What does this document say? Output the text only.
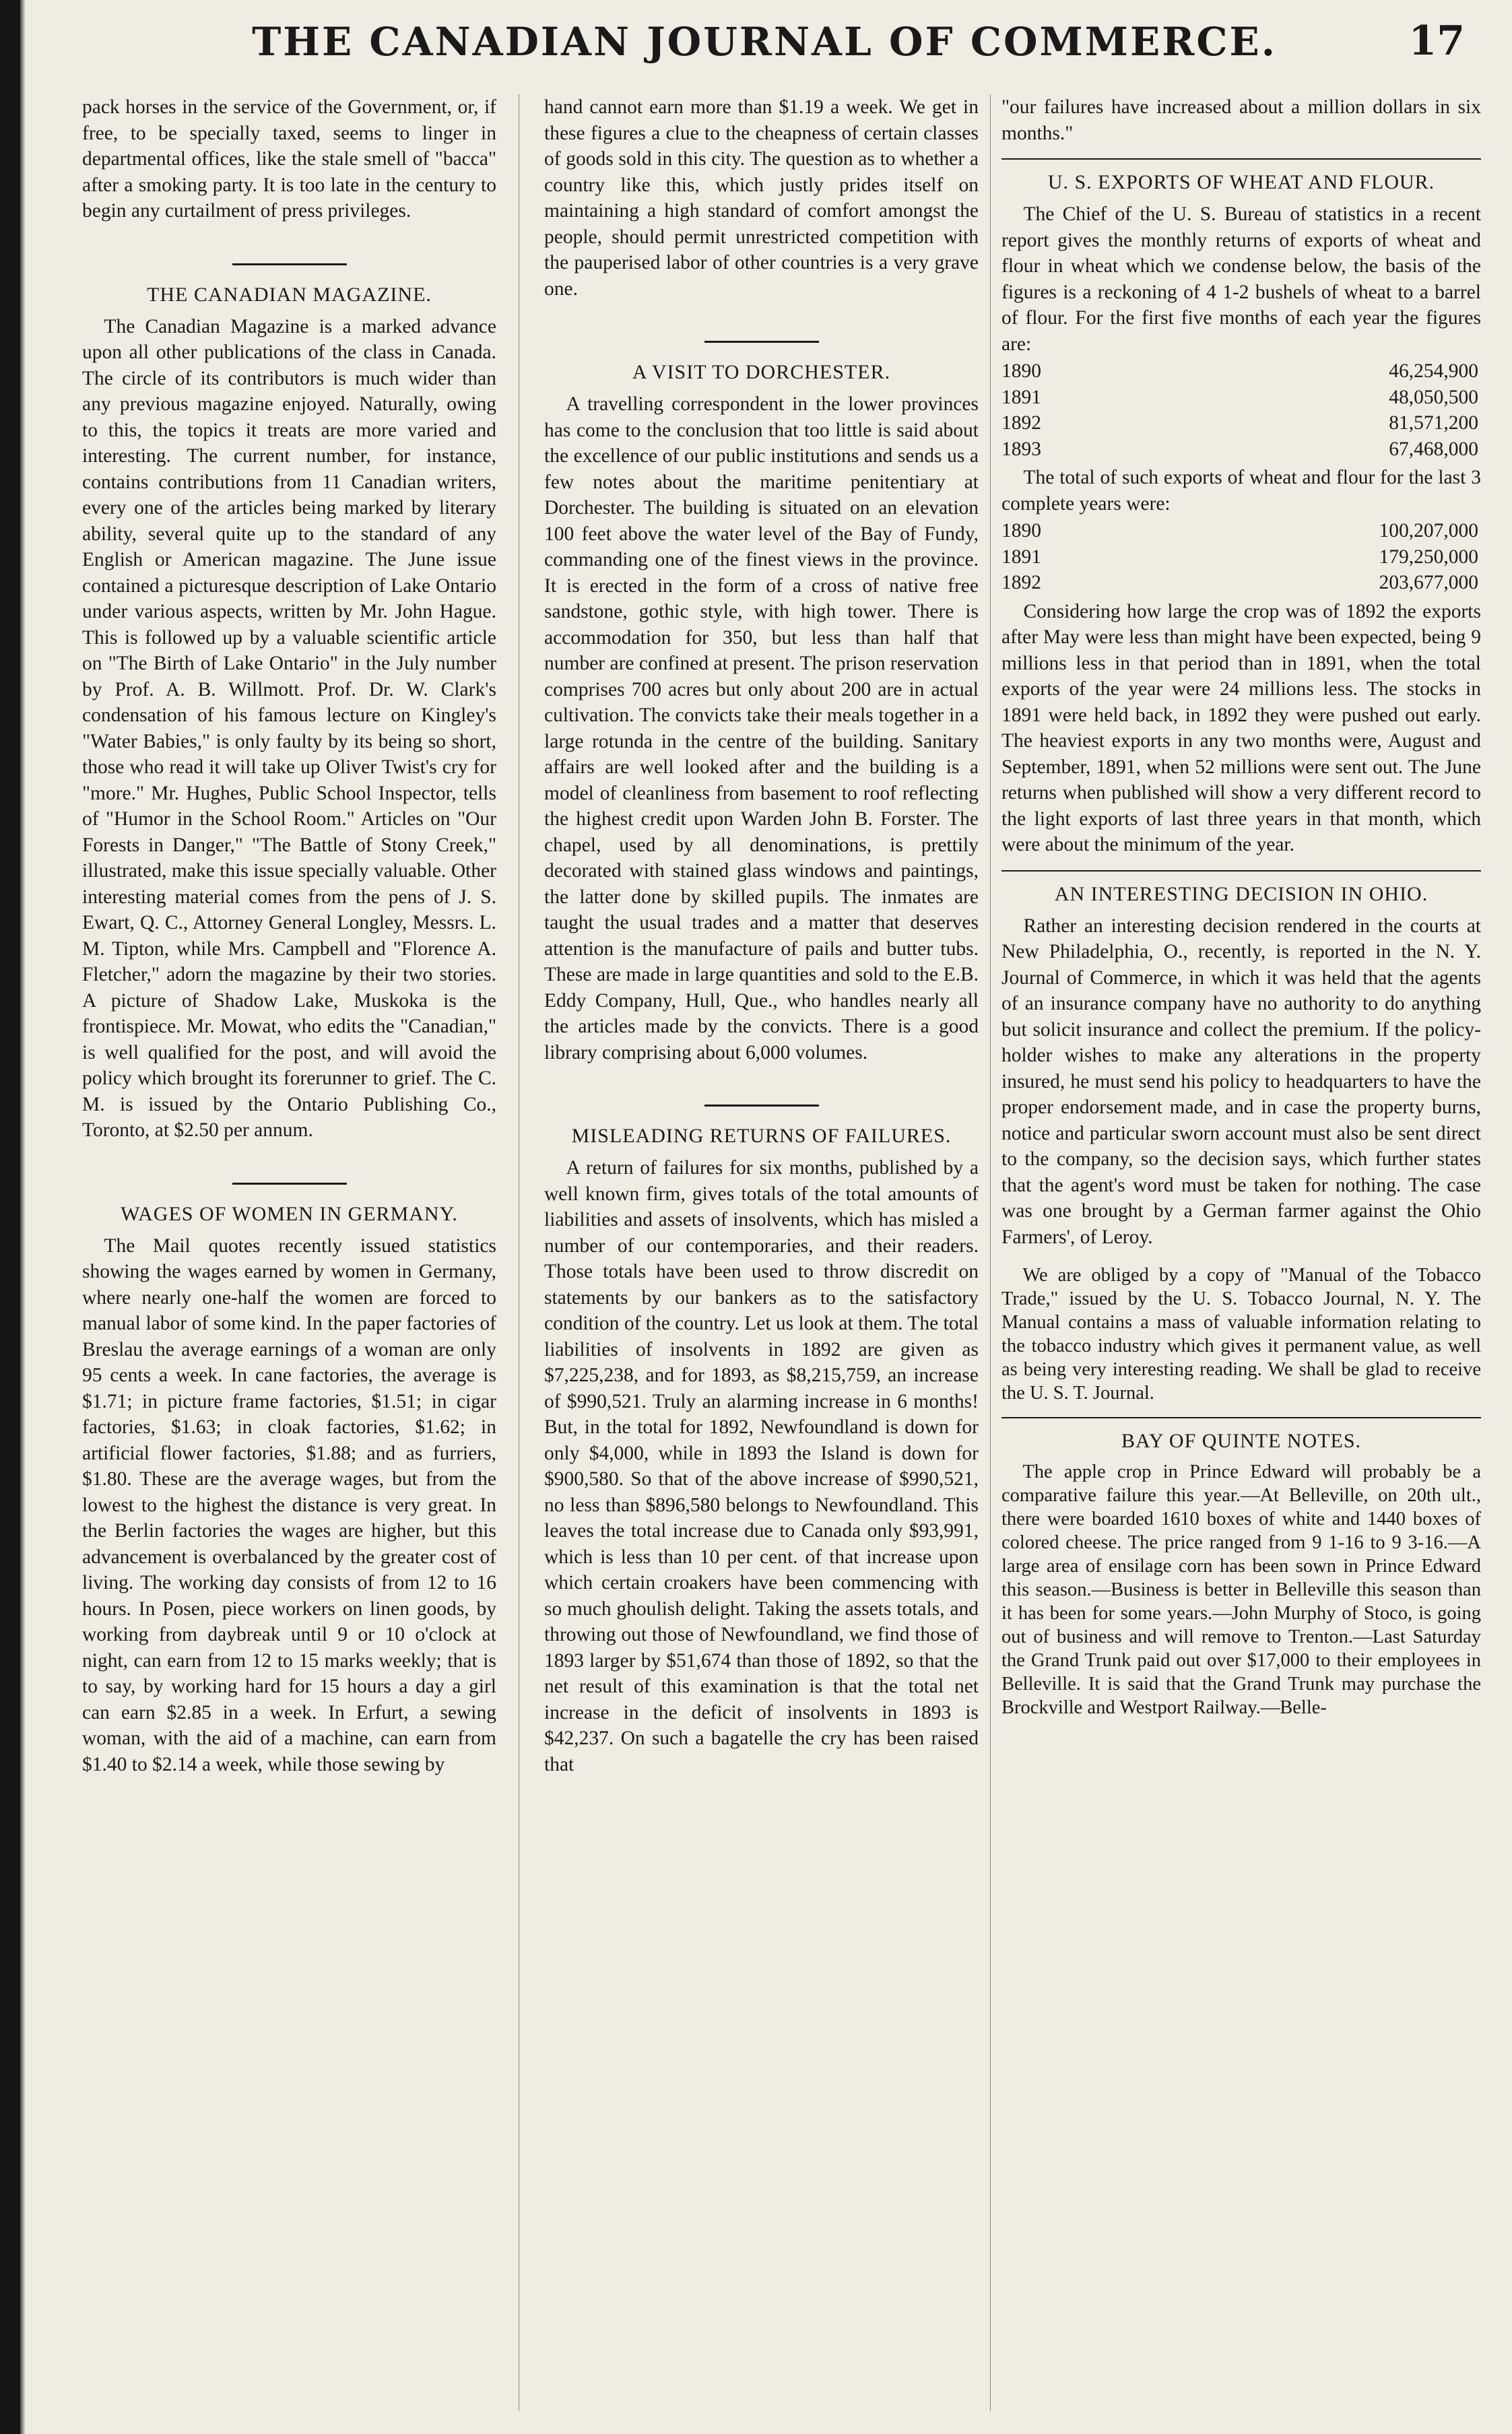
THE CANADIAN JOURNAL OF COMMERCE.	17

pack horses in the service of the Government, or, if free, to be specially taxed, seems to linger in departmental offices, like the stale smell of "bacca" after a smoking party. It is too late in the century to begin any curtailment of press privileges.

THE CANADIAN MAGAZINE.

The Canadian Magazine is a marked advance upon all other publications of the class in Canada. The circle of its contributors is much wider than any previous magazine enjoyed. Naturally, owing to this, the topics it treats are more varied and interesting. The current number, for instance, contains contributions from 11 Canadian writers, every one of the articles being marked by literary ability, several quite up to the standard of any English or American magazine. The June issue contained a picturesque description of Lake Ontario under various aspects, written by Mr. John Hague. This is followed up by a valuable scientific article on "The Birth of Lake Ontario" in the July number by Prof. A. B. Willmott. Prof. Dr. W. Clark's condensation of his famous lecture on Kingley's "Water Babies," is only faulty by its being so short, those who read it will take up Oliver Twist's cry for "more." Mr. Hughes, Public School Inspector, tells of "Humor in the School Room." Articles on "Our Forests in Danger," "The Battle of Stony Creek," illustrated, make this issue specially valuable. Other interesting material comes from the pens of J. S. Ewart, Q. C., Attorney General Longley, Messrs. L. M. Tipton, while Mrs. Campbell and "Florence A. Fletcher," adorn the magazine by their two stories. A picture of Shadow Lake, Muskoka is the frontispiece. Mr. Mowat, who edits the "Canadian," is well qualified for the post, and will avoid the policy which brought its forerunner to grief. The C. M. is issued by the Ontario Publishing Co., Toronto, at $2.50 per annum.

WAGES OF WOMEN IN GERMANY.

The Mail quotes recently issued statistics showing the wages earned by women in Germany, where nearly one-half the women are forced to manual labor of some kind. In the paper factories of Breslau the average earnings of a woman are only 95 cents a week. In cane factories, the average is $1.71; in picture frame factories, $1.51; in cigar factories, $1.63; in cloak factories, $1.62; in artificial flower factories, $1.88; and as furriers, $1.80. These are the average wages, but from the lowest to the highest the distance is very great. In the Berlin factories the wages are higher, but this advancement is overbalanced by the greater cost of living. The working day consists of from 12 to 16 hours. In Posen, piece workers on linen goods, by working from daybreak until 9 or 10 o'clock at night, can earn from 12 to 15 marks weekly; that is to say, by working hard for 15 hours a day a girl can earn $2.85 in a week. In Erfurt, a sewing woman, with the aid of a machine, can earn from $1.40 to $2.14 a week, while those sewing by

hand cannot earn more than $1.19 a week. We get in these figures a clue to the cheapness of certain classes of goods sold in this city. The question as to whether a country like this, which justly prides itself on maintaining a high standard of comfort amongst the people, should permit unrestricted competition with the pauperised labor of other countries is a very grave one.

A VISIT TO DORCHESTER.

A travelling correspondent in the lower provinces has come to the conclusion that too little is said about the excellence of our public institutions and sends us a few notes about the maritime penitentiary at Dorchester. The building is situated on an elevation 100 feet above the water level of the Bay of Fundy, commanding one of the finest views in the province. It is erected in the form of a cross of native free sandstone, gothic style, with high tower. There is accommodation for 350, but less than half that number are confined at present. The prison reservation comprises 700 acres but only about 200 are in actual cultivation. The convicts take their meals together in a large rotunda in the centre of the building. Sanitary affairs are well looked after and the building is a model of cleanliness from basement to roof reflecting the highest credit upon Warden John B. Forster. The chapel, used by all denominations, is prettily decorated with stained glass windows and paintings, the latter done by skilled pupils. The inmates are taught the usual trades and a matter that deserves attention is the manufacture of pails and butter tubs. These are made in large quantities and sold to the E.B. Eddy Company, Hull, Que., who handles nearly all the articles made by the convicts. There is a good library comprising about 6,000 volumes.

MISLEADING RETURNS OF FAILURES.

A return of failures for six months, published by a well known firm, gives totals of the total amounts of liabilities and assets of insolvents, which has misled a number of our contemporaries, and their readers. Those totals have been used to throw discredit on statements by our bankers as to the satisfactory condition of the country. Let us look at them. The total liabilities of insolvents in 1892 are given as $7,225,238, and for 1893, as $8,215,759, an increase of $990,521. Truly an alarming increase in 6 months! But, in the total for 1892, Newfoundland is down for only $4,000, while in 1893 the Island is down for $900,580. So that of the above increase of $990,521, no less than $896,580 belongs to Newfoundland. This leaves the total increase due to Canada only $93,991, which is less than 10 per cent. of that increase upon which certain croakers have been commencing with so much ghoulish delight. Taking the assets totals, and throwing out those of Newfoundland, we find those of 1893 larger by $51,674 than those of 1892, so that the net result of this examination is that the total net increase in the deficit of insolvents in 1893 is $42,237. On such a bagatelle the cry has been raised that

"our failures have increased about a million dollars in six months."

U. S. EXPORTS OF WHEAT AND FLOUR.

The Chief of the U. S. Bureau of statistics in a recent report gives the monthly returns of exports of wheat and flour in wheat which we condense below, the basis of the figures is a reckoning of 4 1-2 bushels of wheat to a barrel of flour. For the first five months of each year the figures are:

1890	46,254,900
1891	48,050,500
1892	81,571,200
1893	67,468,000

The total of such exports of wheat and flour for the last 3 complete years were:

1890	100,207,000
1891	179,250,000
1892	203,677,000

Considering how large the crop was of 1892 the exports after May were less than might have been expected, being 9 millions less in that period than in 1891, when the total exports of the year were 24 millions less. The stocks in 1891 were held back, in 1892 they were pushed out early. The heaviest exports in any two months were, August and September, 1891, when 52 millions were sent out. The June returns when published will show a very different record to the light exports of last three years in that month, which were about the minimum of the year.

AN INTERESTING DECISION IN OHIO.

Rather an interesting decision rendered in the courts at New Philadelphia, O., recently, is reported in the N. Y. Journal of Commerce, in which it was held that the agents of an insurance company have no authority to do anything but solicit insurance and collect the premium. If the policy-holder wishes to make any alterations in the property insured, he must send his policy to headquarters to have the proper endorsement made, and in case the property burns, notice and particular sworn account must also be sent direct to the company, so the decision says, which further states that the agent's word must be taken for nothing. The case was one brought by a German farmer against the Ohio Farmers', of Leroy.

We are obliged by a copy of "Manual of the Tobacco Trade," issued by the U. S. Tobacco Journal, N. Y. The Manual contains a mass of valuable information relating to the tobacco industry which gives it permanent value, as well as being very interesting reading. We shall be glad to receive the U. S. T. Journal.

BAY OF QUINTE NOTES.

The apple crop in Prince Edward will probably be a comparative failure this year.—At Belleville, on 20th ult., there were boarded 1610 boxes of white and 1440 boxes of colored cheese. The price ranged from 9 1-16 to 9 3-16.—A large area of ensilage corn has been sown in Prince Edward this season.—Business is better in Belleville this season than it has been for some years.—John Murphy of Stoco, is going out of business and will remove to Trenton.—Last Saturday the Grand Trunk paid out over $17,000 to their employees in Belleville. It is said that the Grand Trunk may purchase the Brockville and Westport Railway.—Belle-
